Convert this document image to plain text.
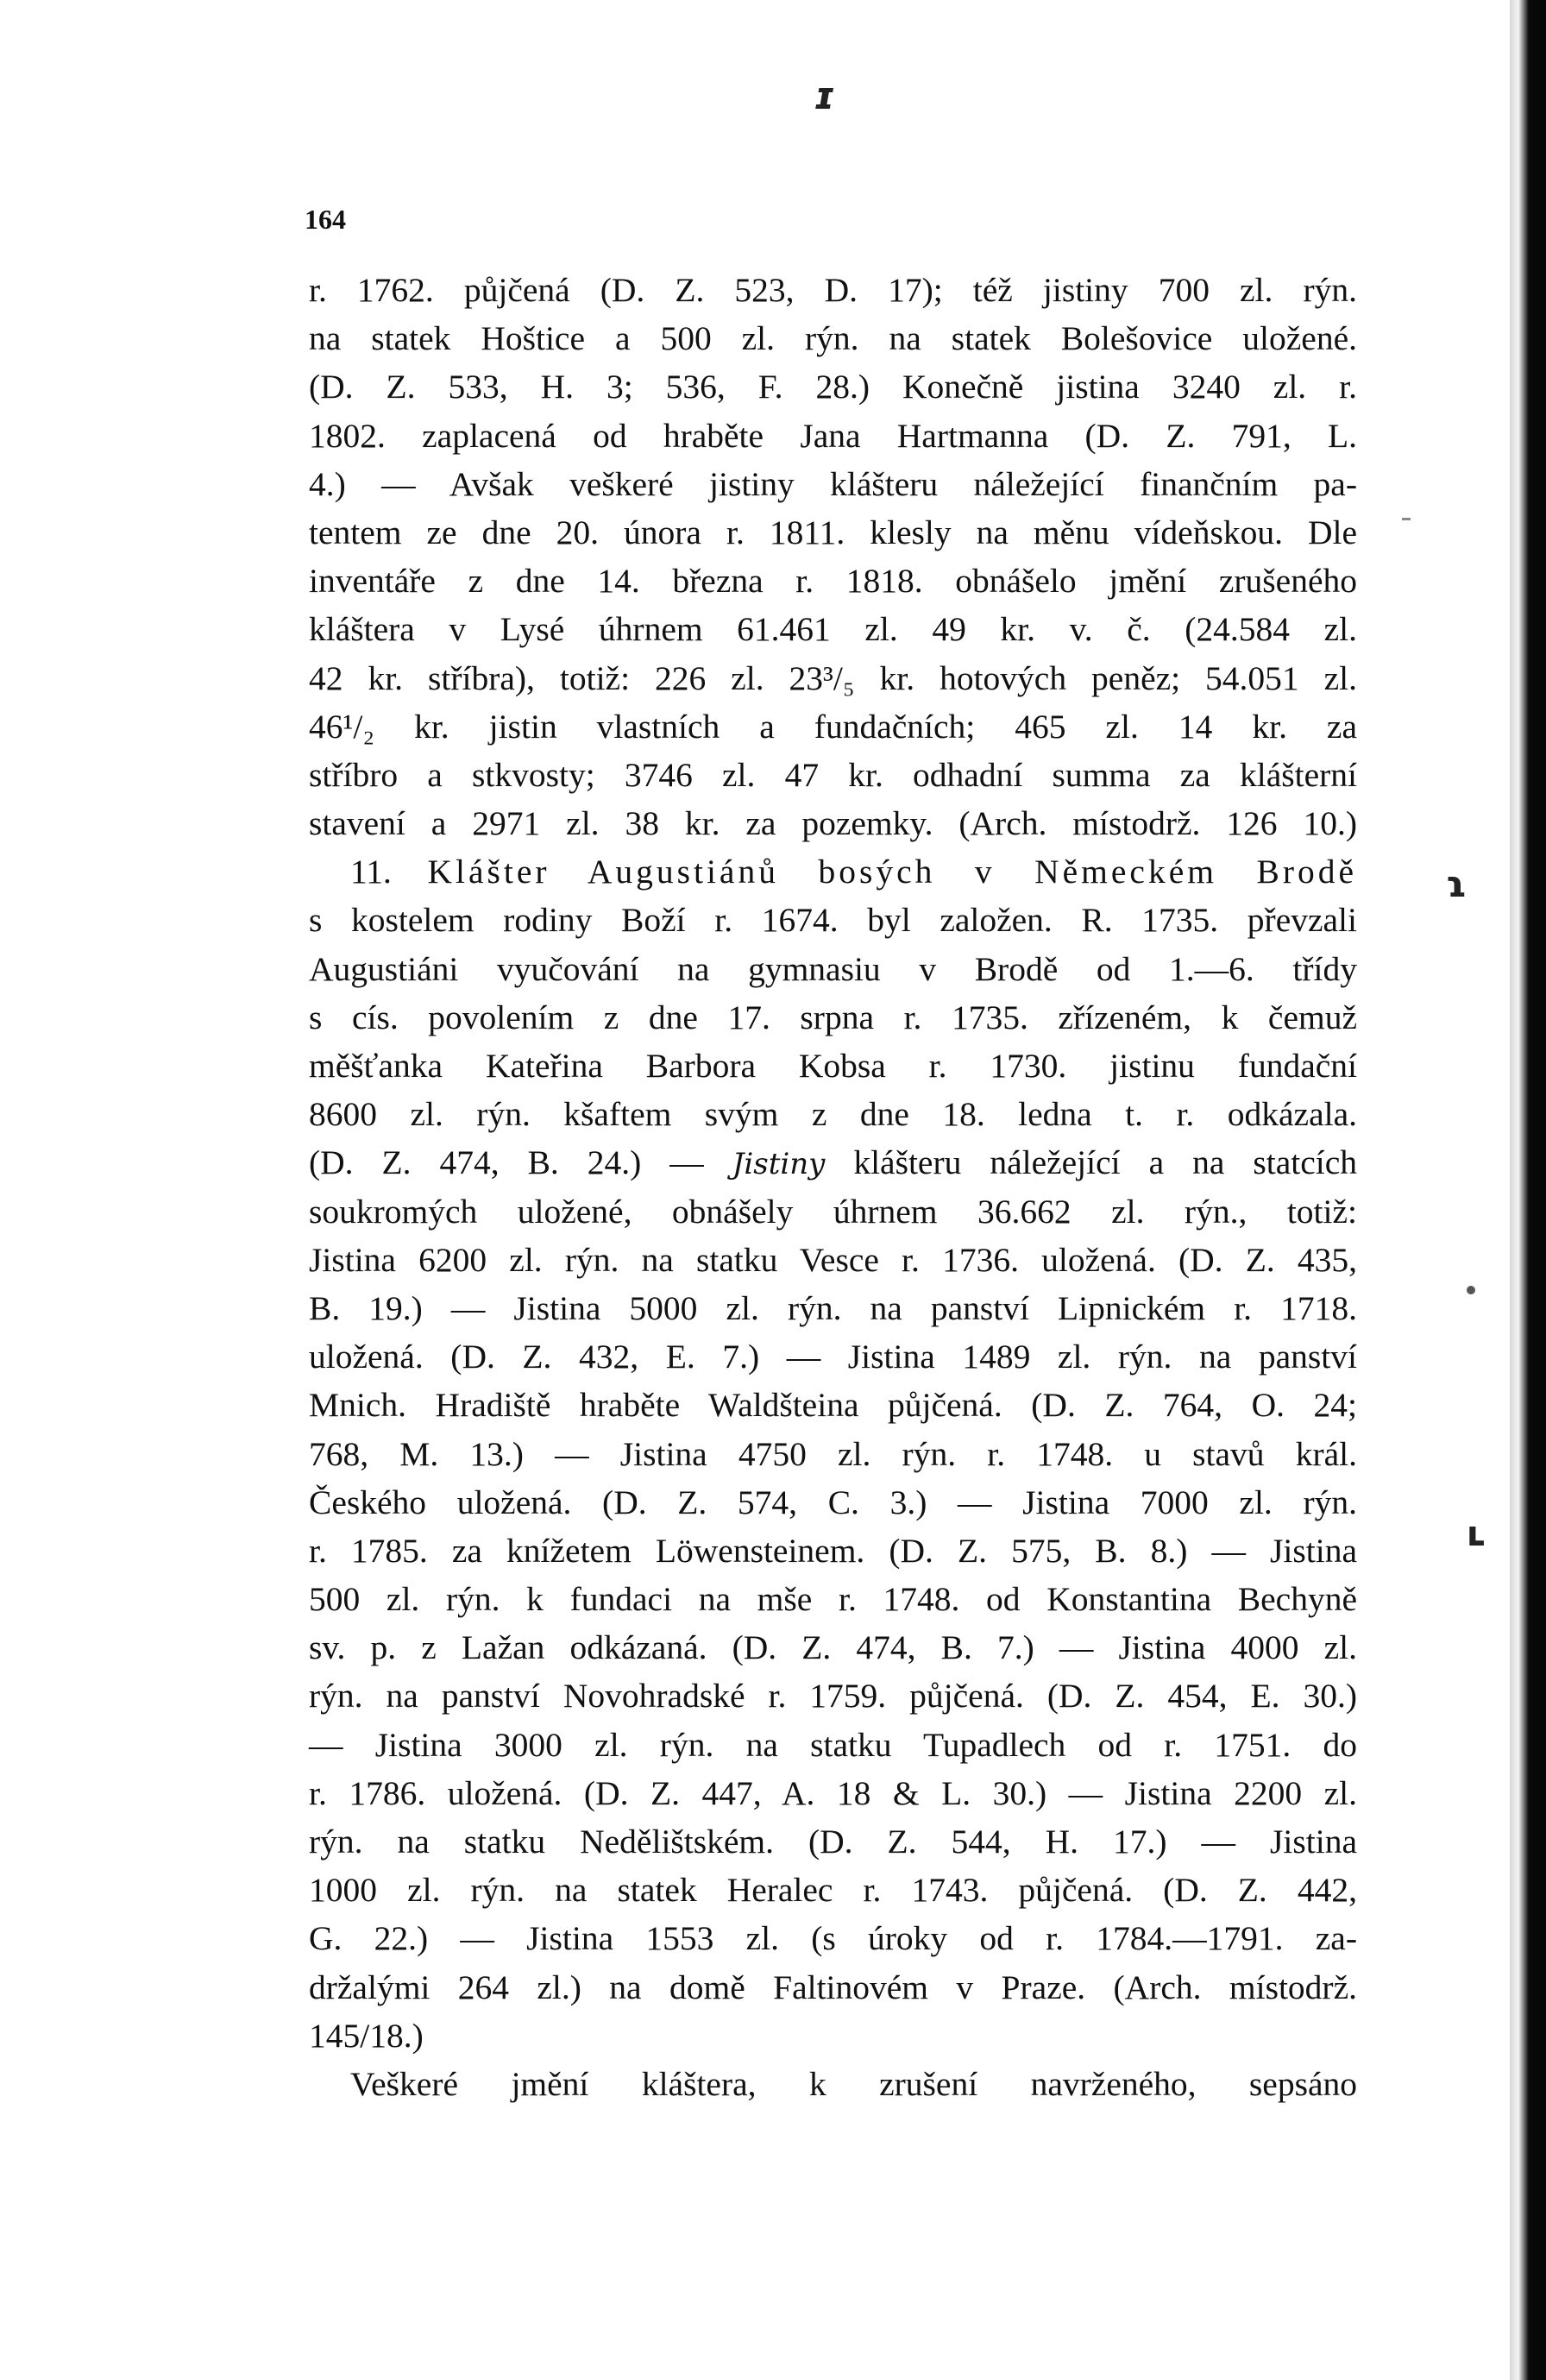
ɪ
164
r. 1762. půjčená (D. Z. 523, D. 17); též jistiny 700 zl. rýn.
na statek Hoštice a 500 zl. rýn. na statek Bolešovice uložené.
(D. Z. 533, H. 3; 536, F. 28.) Konečně jistina 3240 zl. r.
1802. zaplacená od hraběte Jana Hartmanna (D. Z. 791, L.
4.) — Avšak veškeré jistiny klášteru náležející finančním pa-
tentem ze dne 20. února r. 1811. klesly na měnu vídeňskou. Dle
inventáře z dne 14. března r. 1818. obnášelo jmění zrušeného
kláštera v Lysé úhrnem 61.461 zl. 49 kr. v. č. (24.584 zl.
42 kr. stříbra), totiž: 226 zl. 23³/₅ kr. hotových peněz; 54.051 zl.
46¹/₂ kr. jistin vlastních a fundačních; 465 zl. 14 kr. za
stříbro a stkvosty; 3746 zl. 47 kr. odhadní summa za klášterní
stavení a 2971 zl. 38 kr. za pozemky. (Arch. místodrž. 126 10.)
11. Klášter Augustiánů bosých v Německém Brodě
s kostelem rodiny Boží r. 1674. byl založen. R. 1735. převzali
Augustiáni vyučování na gymnasiu v Brodě od 1.—6. třídy
s cís. povolením z dne 17. srpna r. 1735. zřízeném, k čemuž
měšťanka Kateřina Barbora Kobsa r. 1730. jistinu fundační
8600 zl. rýn. kšaftem svým z dne 18. ledna t. r. odkázala.
(D. Z. 474, B. 24.) — Jistiny klášteru náležející a na statcích
soukromých uložené, obnášely úhrnem 36.662 zl. rýn., totiž:
Jistina 6200 zl. rýn. na statku Vesce r. 1736. uložená. (D. Z. 435,
B. 19.) — Jistina 5000 zl. rýn. na panství Lipnickém r. 1718.
uložená. (D. Z. 432, E. 7.) — Jistina 1489 zl. rýn. na panství
Mnich. Hradiště hraběte Waldšteina půjčená. (D. Z. 764, O. 24;
768, M. 13.) — Jistina 4750 zl. rýn. r. 1748. u stavů král.
Českého uložená. (D. Z. 574, C. 3.) — Jistina 7000 zl. rýn.
r. 1785. za knížetem Löwensteinem. (D. Z. 575, B. 8.) — Jistina
500 zl. rýn. k fundaci na mše r. 1748. od Konstantina Bechyně
sv. p. z Lažan odkázaná. (D. Z. 474, B. 7.) — Jistina 4000 zl.
rýn. na panství Novohradské r. 1759. půjčená. (D. Z. 454, E. 30.)
— Jistina 3000 zl. rýn. na statku Tupadlech od r. 1751. do
r. 1786. uložená. (D. Z. 447, A. 18 & L. 30.) — Jistina 2200 zl.
rýn. na statku Nedělištském. (D. Z. 544, H. 17.) — Jistina
1000 zl. rýn. na statek Heralec r. 1743. půjčená. (D. Z. 442,
G. 22.) — Jistina 1553 zl. (s úroky od r. 1784.—1791. za-
držalými 264 zl.) na domě Faltinovém v Praze. (Arch. místodrž.
145/18.)
Veškeré jmění kláštera, k zrušení navrženého, sepsáno
ɿ
ʟ
